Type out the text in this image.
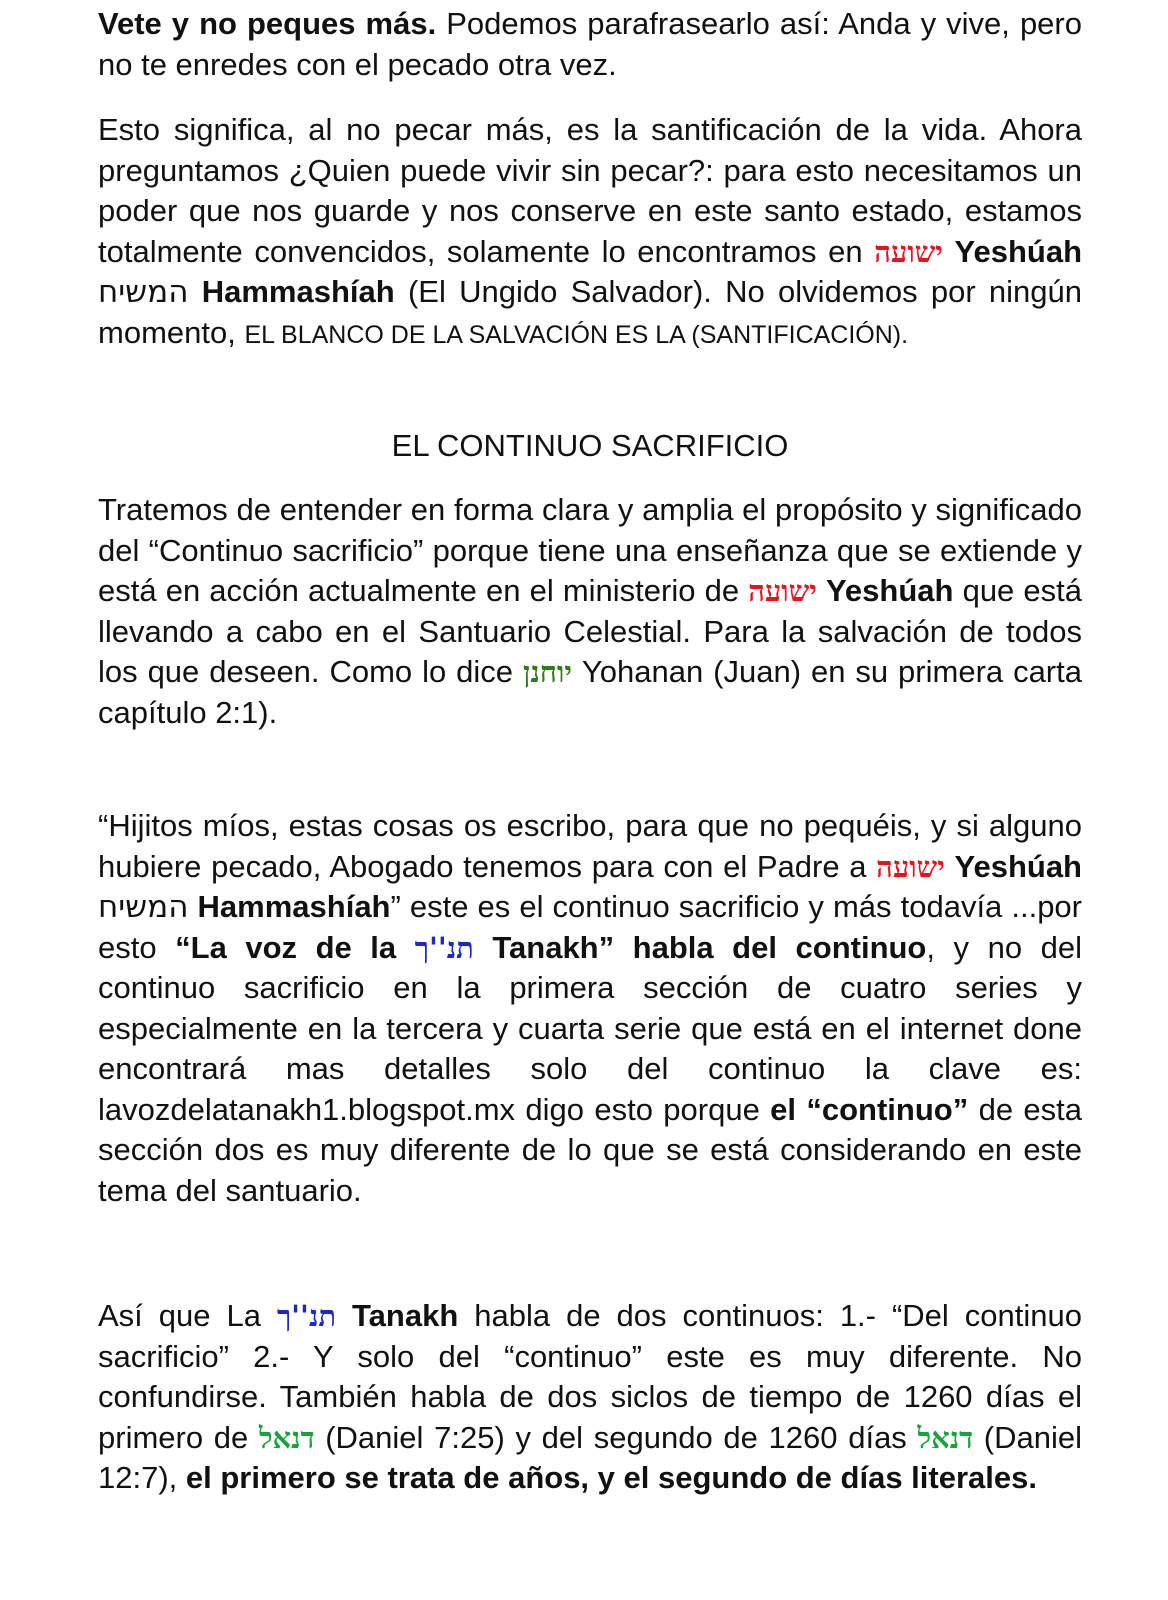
Vete y no peques más. Podemos parafrasearlo así: Anda y vive, pero no te enredes con el pecado otra vez.

Esto significa, al no pecar más, es la santificación de la vida. Ahora preguntamos ¿Quien puede vivir sin pecar?: para esto necesitamos un poder que nos guarde y nos conserve en este santo estado, estamos totalmente convencidos, solamente lo encontramos en ישועה Yeshúah המשיח Hammashíah (El Ungido Salvador). No olvidemos por ningún momento, EL BLANCO DE LA SALVACIÓN ES LA (SANTIFICACIÓN).

EL CONTINUO SACRIFICIO

Tratemos de entender en forma clara y amplia el propósito y significado del “Continuo sacrificio” porque tiene una enseñanza que se extiende y está en acción actualmente en el ministerio de ישועה Yeshúah que está llevando a cabo en el Santuario Celestial. Para la salvación de todos los que deseen. Como lo dice יוחנן Yohanan (Juan) en su primera carta capítulo 2:1).

“Hijitos míos, estas cosas os escribo, para que no pequéis, y si alguno hubiere pecado, Abogado tenemos para con el Padre a ישועה Yeshúah המשיח Hammashíah” este es el continuo sacrificio y más todavía ...por esto “La voz de la תנ''ך Tanakh” habla del continuo, y no del continuo sacrificio en la primera sección de cuatro series y especialmente en la tercera y cuarta serie que está en el internet done encontrará mas detalles solo del continuo la clave es: lavozdelatanakh1.blogspot.mx digo esto porque el “continuo” de esta sección dos es muy diferente de lo que se está considerando en este tema del santuario.

Así que La תנ''ך Tanakh habla de dos continuos: 1.- “Del continuo sacrificio” 2.- Y solo del “continuo” este es muy diferente. No confundirse. También habla de dos siclos de tiempo de 1260 días el primero de דנאל (Daniel 7:25) y del segundo de 1260 días דנאל (Daniel 12:7), el primero se trata de años, y el segundo de días literales.
